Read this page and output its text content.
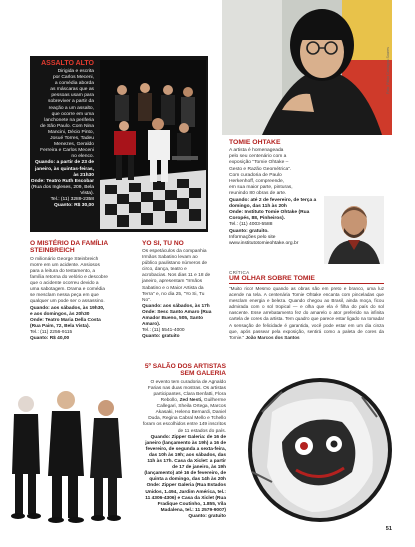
ASSALTO ALTO
Dirigida e escrita
por Carlos Meceni,
a comédia aborda
as máscaras que as
pessoas usam para
sobreviver a partir da
reação a um assalto,
que ocorre em uma
lanchonete na periferia
de São Paulo. Com Nina
Mancini, Décio Pinto,
Josué Torres, Tadeu
Menezes, Geraldo
Ferreira e Carlos Meceni
no elenco.
Quando: a partir de 23 de janeiro, às quintas-feiras, às 21h30
Onde: Teatro Ruth Escobar
(Rua dos Ingleses, 209, Bela Vista).
Tel.: (11) 3289-2358
Quanto: R$ 30,00
Foto: Fábio Castagna Soares
TOMIE OHTAKE
A artista é homenageada
pelo seu centenário com a
exposição "Tomie Ohtake –
Gesto e Razão Geométrica".
Com curadoria de Paulo
Herkenhoff, compreende,
em sua maior parte, pinturas,
reunindo 80 obras de arte.
Quando: até 2 de fevereiro, de terça a domingo, das 11h às 20h
Onde: Instituto Tomie Ohtake (Rua Coropés, 88, Pinheiros).
Tel.: (11) 4003-5588
Quanto: gratuito.
Informações pelo site www.institutotomieohtake.org.br
CRÍTICA
UM OLHAR SOBRE TOMIE
"Muito rico! Mesmo quando as obras são em preto e branco, uma luz acende na tela. A centenária Tomie Ohtake encanta com pinceladas que mesclam energia e beleza. Quando chegou ao Brasil, ainda moça, ficou admirada com o sol tropical — e olha que ela é filha do país do sol nascente. Esse arrebatamento fez do amarelo o ator preferido na infinita cartela de cores da artista. Tem quadro que parece estar ligado na tomada! A sensação de felicidade é garantida, você pode estar em um dia cinza que, após passear pela exposição, sentirá como a paleta de cores da Tomie." João Marcos dos Santos
O MISTÉRIO DA FAMÍLIA STEINBREICH
O milionário George Steinbreich morre em um acidente. Ansiosos para a leitura do testamento, a família retorna do velório e descobre que o acidente ocorreu devido a uma sabotagem. Drama e comédia se mesclam nessa peça em que qualquer um pode ser o assassino.
Quando: aos sábados, às 19h30, e aos domingos, às 20h30
Onde: Teatro Maria Della Costa (Rua Paim, 72, Bela Vista).
Tel.: (11) 2256-9115
Quanto: R$ 40,00
YO SI, TU NO
Os espetáculos da companhia Irmãos Sabatino levam ao público paulistano números de circo, dança, teatro e acrobacias. Nos dias 11 e 18 de janeiro, apresentam "Irmãos Sabatino e o Maior Artista da Terra" e, no dia 25, "Yo Si, Tu No".
Quando: aos sábados, às 17h
Onde: Sesc Santo Amaro (Rua Amador Bueno, 505, Santo Amaro).
Tel.: (11) 5541-4000
Quanto: gratuito
5º SALÃO DOS ARTISTAS SEM GALERIA
O evento tem curadoria de Agnaldo Farias nas duas mostras. Os artistas participantes, Clara Benfatti, Flora Rebollo, Zed Nesti, Guilherme Callegari, Sheila Ortega, Marcos Akasaki, Heleno Bernardi, Daniel Duda, Regina Cabral Mello e Tchello foram os escolhidos entre 149 inscritos de 11 estados do país.
Quando: Zipper Galeria: de 16 de janeiro (lançamento às 19h) a 16 de fevereiro, de segunda a sexta-feira, das 10h às 19h; aos sábados, das 11h às 17h. Casa da Xiclet: a partir de 17 de janeiro, às 19h (lançamento) até 16 de fevereiro, de quinta a domingo, das 14h às 20h
Onde: Zipper Galeria (Rua Estados Unidos, 1.494, Jardim América, tel.: 11 4306-4306) e Casa da Xiclet (Rua Fradique Coutinho, 1.855, Vila Madalena, tel.: 11 2579-9007)
Quanto: gratuito
51
